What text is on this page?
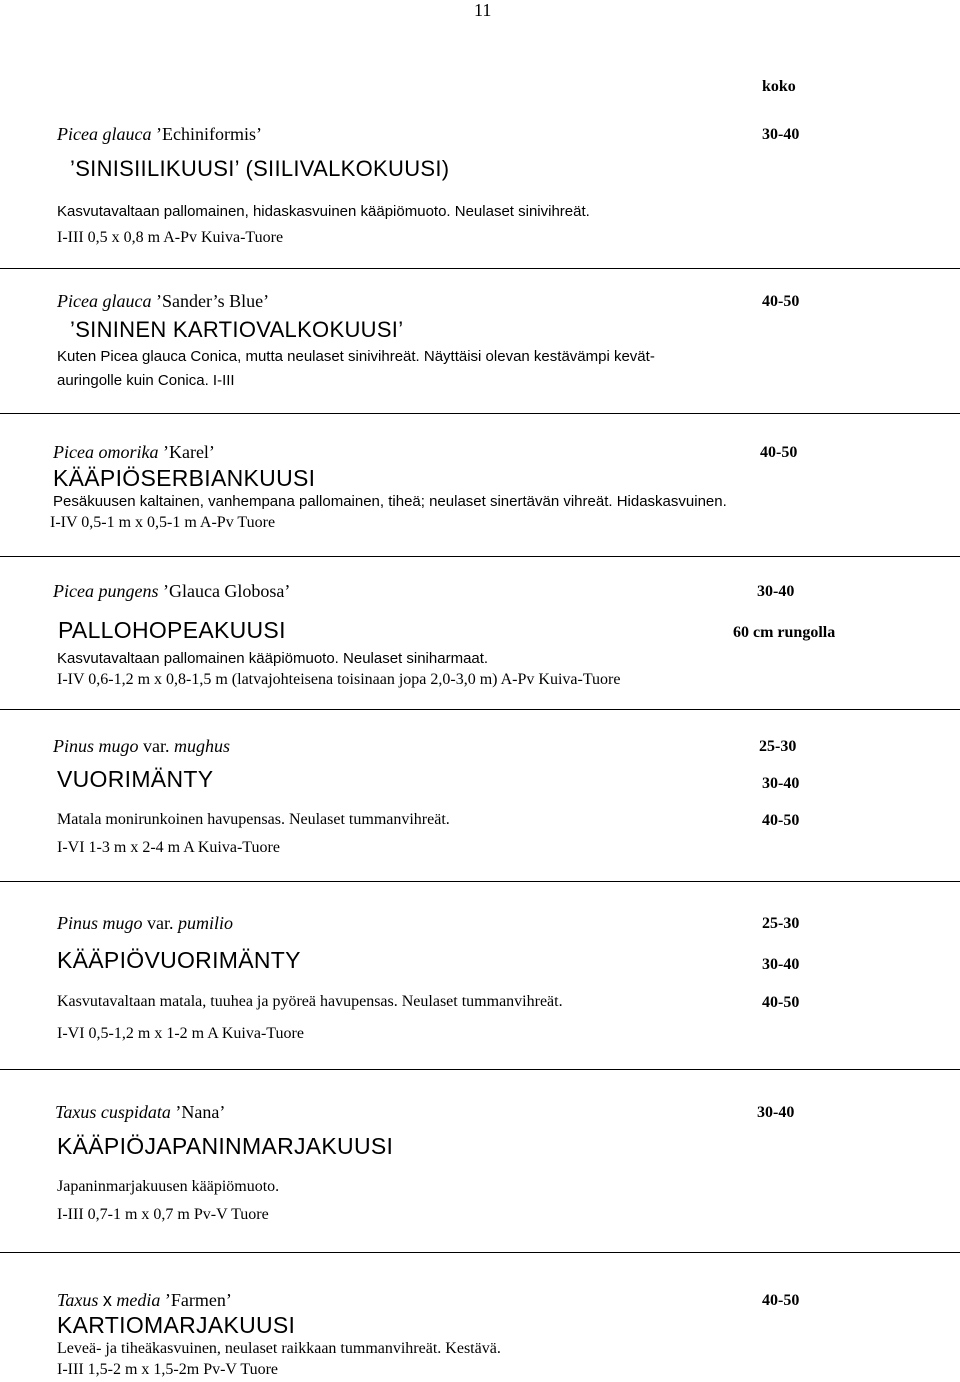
11
koko
Picea glauca ’Echiniformis’	30-40
’SINISIILIKUUSI’ (SIILIVALKOKUUSI)
Kasvutavaltaan pallomainen, hidaskasvuinen kääpiömuoto. Neulaset sinivihreät.
I-III 0,5 x 0,8 m A-Pv Kuiva-Tuore
Picea glauca ’Sander’s Blue’	40-50
’SININEN KARTIOVALKOKUUSI’
Kuten Picea glauca Conica, mutta neulaset sinivihreät. Näyttäisi olevan kestävämpi kevät-
auringolle kuin Conica. I-III
Picea omorika ’Karel’	40-50
KÄÄPIÖSERBIANKUUSI
Pesäkuusen kaltainen, vanhempana pallomainen, tiheä; neulaset sinertävän vihreät. Hidaskasvuinen.
I-IV 0,5-1 m x 0,5-1 m A-Pv Tuore
Picea pungens ’Glauca Globosa’	30-40
PALLOHOPEAKUUSI	60 cm rungolla
Kasvutavaltaan pallomainen kääpiömuoto. Neulaset siniharmaat.
I-IV 0,6-1,2 m x 0,8-1,5 m (latvajohteisena toisinaan jopa 2,0-3,0 m) A-Pv Kuiva-Tuore
Pinus mugo var. mughus	25-30
VUORIMÄNTY	30-40
Matala monirunkoinen havupensas. Neulaset tummanvihreät.	40-50
I-VI 1-3 m x 2-4 m A Kuiva-Tuore
Pinus mugo var. pumilio	25-30
KÄÄPIÖVUORIMÄNTY	30-40
Kasvutavaltaan matala, tuuhea ja pyöreä havupensas. Neulaset tummanvihreät.	40-50
I-VI 0,5-1,2 m x 1-2 m A Kuiva-Tuore
Taxus cuspidata ’Nana’	30-40
KÄÄPIÖJAPANINMARJAKUUSI
Japaninmarjakuusen kääpiömuoto.
I-III 0,7-1 m x 0,7 m Pv-V Tuore
Taxus x media ’Farmen’	40-50
KARTIOMARJAKUUSI
Leveä- ja tiheäkasvuinen, neulaset raikkaan tummanvihreät. Kestävä.
I-III 1,5-2 m x 1,5-2m Pv-V Tuore
